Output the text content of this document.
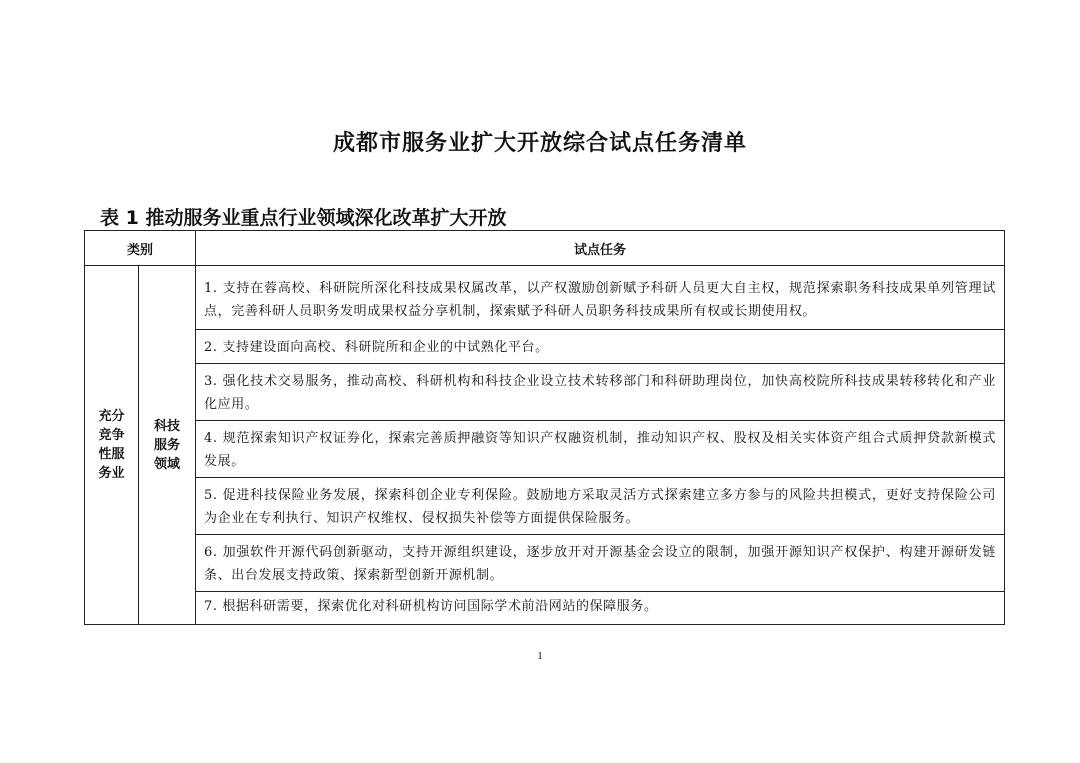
成都市服务业扩大开放综合试点任务清单
表 1 推动服务业重点行业领域深化改革扩大开放
类别		试点任务
充分竞争性服务业	科技服务领域	1. 支持在蓉高校、科研院所深化科技成果权属改革，以产权激励创新赋予科研人员更大自主权，规范探索职务科技成果单列管理试点，完善科研人员职务发明成果权益分享机制，探索赋予科研人员职务科技成果所有权或长期使用权。
		2. 支持建设面向高校、科研院所和企业的中试熟化平台。
		3. 强化技术交易服务，推动高校、科研机构和科技企业设立技术转移部门和科研助理岗位，加快高校院所科技成果转移转化和产业化应用。
		4. 规范探索知识产权证券化，探索完善质押融资等知识产权融资机制，推动知识产权、股权及相关实体资产组合式质押贷款新模式发展。
		5. 促进科技保险业务发展，探索科创企业专利保险。鼓励地方采取灵活方式探索建立多方参与的风险共担模式，更好支持保险公司为企业在专利执行、知识产权维权、侵权损失补偿等方面提供保险服务。
		6. 加强软件开源代码创新驱动，支持开源组织建设，逐步放开对开源基金会设立的限制，加强开源知识产权保护、构建开源研发链条、出台发展支持政策、探索新型创新开源机制。
		7. 根据科研需要，探索优化对科研机构访问国际学术前沿网站的保障服务。
1
